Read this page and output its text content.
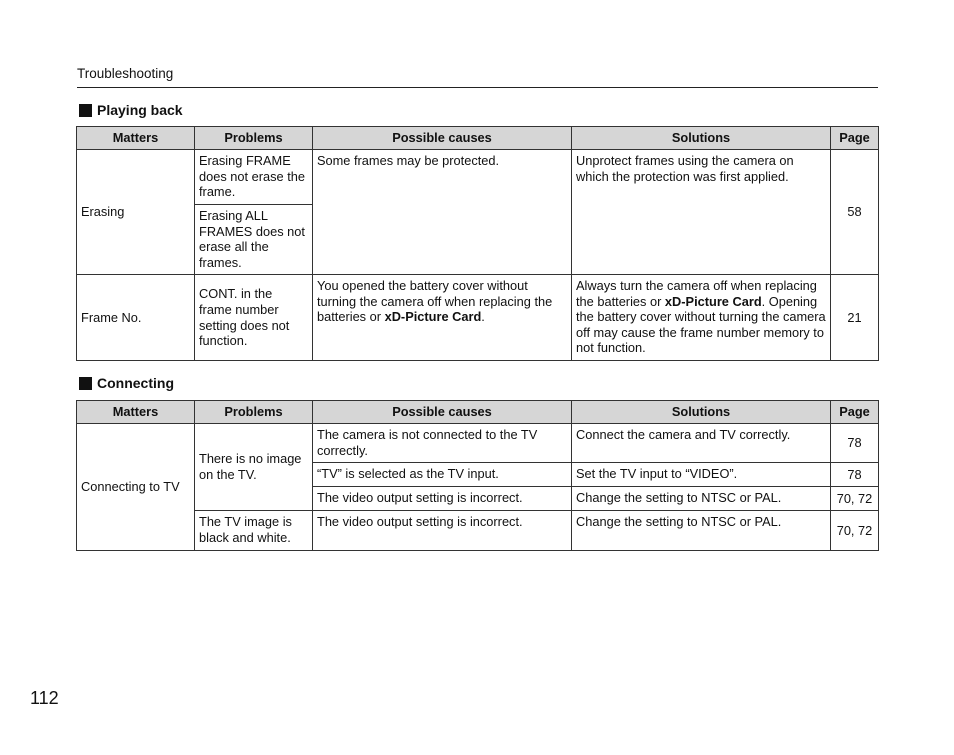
Troubleshooting
Playing back
Matters	Problems	Possible causes	Solutions	Page
Erasing	Erasing FRAME does not erase the frame.	Some frames may be protected.	Unprotect frames using the camera on which the protection was first applied.	58
	Erasing ALL FRAMES does not erase all the frames.			
Frame No.	CONT. in the frame number setting does not function.	You opened the battery cover without turning the camera off when replacing the batteries or xD-Picture Card.	Always turn the camera off when replacing the batteries or xD-Picture Card. Opening the battery cover without turning the camera off may cause the frame number memory to not function.	21
Connecting
Matters	Problems	Possible causes	Solutions	Page
Connecting to TV	There is no image on the TV.	The camera is not connected to the TV correctly.	Connect the camera and TV correctly.	78
		“TV” is selected as the TV input.	Set the TV input to “VIDEO”.	78
		The video output setting is incorrect.	Change the setting to NTSC or PAL.	70, 72
	The TV image is black and white.	The video output setting is incorrect.	Change the setting to NTSC or PAL.	70, 72
112
